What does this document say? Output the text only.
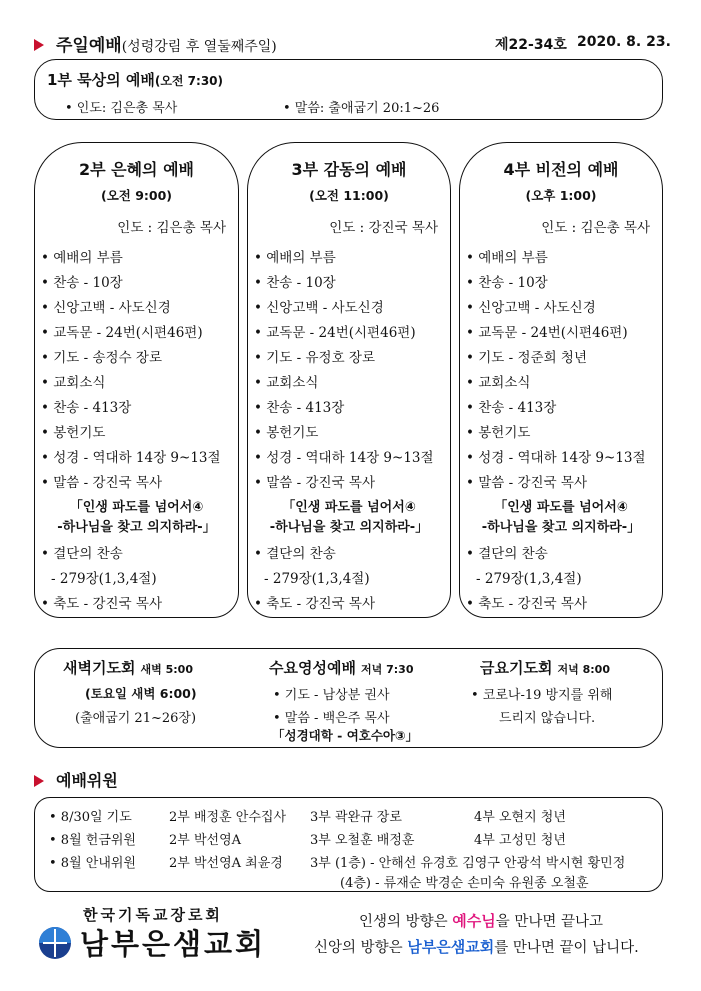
주일예배(성령강림 후 열둘째주일)	제22-34호 2020. 8. 23.
1부 묵상의 예배(오전 7:30)
• 인도: 김은총 목사	• 말씀: 출애굽기 20:1~26
2부 은혜의 예배
(오전 9:00)
인도 : 김은총 목사
• 예배의 부름
• 찬송 - 10장
• 신앙고백 - 사도신경
• 교독문 - 24번(시편46편)
• 기도 - 송정수 장로
• 교회소식
• 찬송 - 413장
• 봉헌기도
• 성경 - 역대하 14장 9~13절
• 말씀 - 강진국 목사
「인생 파도를 넘어서④
-하나님을 찾고 의지하라-」
• 결단의 찬송
- 279장(1,3,4절)
• 축도 - 강진국 목사
3부 감동의 예배
(오전 11:00)
인도 : 강진국 목사
• 예배의 부름
• 찬송 - 10장
• 신앙고백 - 사도신경
• 교독문 - 24번(시편46편)
• 기도 - 유정호 장로
• 교회소식
• 찬송 - 413장
• 봉헌기도
• 성경 - 역대하 14장 9~13절
• 말씀 - 강진국 목사
「인생 파도를 넘어서④
-하나님을 찾고 의지하라-」
• 결단의 찬송
- 279장(1,3,4절)
• 축도 - 강진국 목사
4부 비전의 예배
(오후 1:00)
인도 : 김은총 목사
• 예배의 부름
• 찬송 - 10장
• 신앙고백 - 사도신경
• 교독문 - 24번(시편46편)
• 기도 - 정준희 청년
• 교회소식
• 찬송 - 413장
• 봉헌기도
• 성경 - 역대하 14장 9~13절
• 말씀 - 강진국 목사
「인생 파도를 넘어서④
-하나님을 찾고 의지하라-」
• 결단의 찬송
- 279장(1,3,4절)
• 축도 - 강진국 목사
새벽기도회 새벽 5:00
(토요일 새벽 6:00)
(출애굽기 21~26장)
수요영성예배 저녁 7:30
• 기도 - 남상분 권사
• 말씀 - 백은주 목사
「성경대학 - 여호수아③」
금요기도회 저녁 8:00
• 코로나-19 방지를 위해
드리지 않습니다.
예배위원
• 8/30일 기도	2부 배정훈 안수집사 3부 곽완규 장로	4부 오현지 청년
• 8월 헌금위원	2부 박선영A	3부 오철훈 배정훈	4부 고성민 청년
• 8월 안내위원	2부 박선영A 최윤경 3부 (1층) - 안해선 유경호 김영구 안광석 박시현 황민정
(4층) - 류재순 박경순 손미숙 유원종 오철훈
한국기독교장로회
남부은샘교회
인생의 방향은 예수님을 만나면 끝나고
신앙의 방향은 남부은샘교회를 만나면 끝이 납니다.
